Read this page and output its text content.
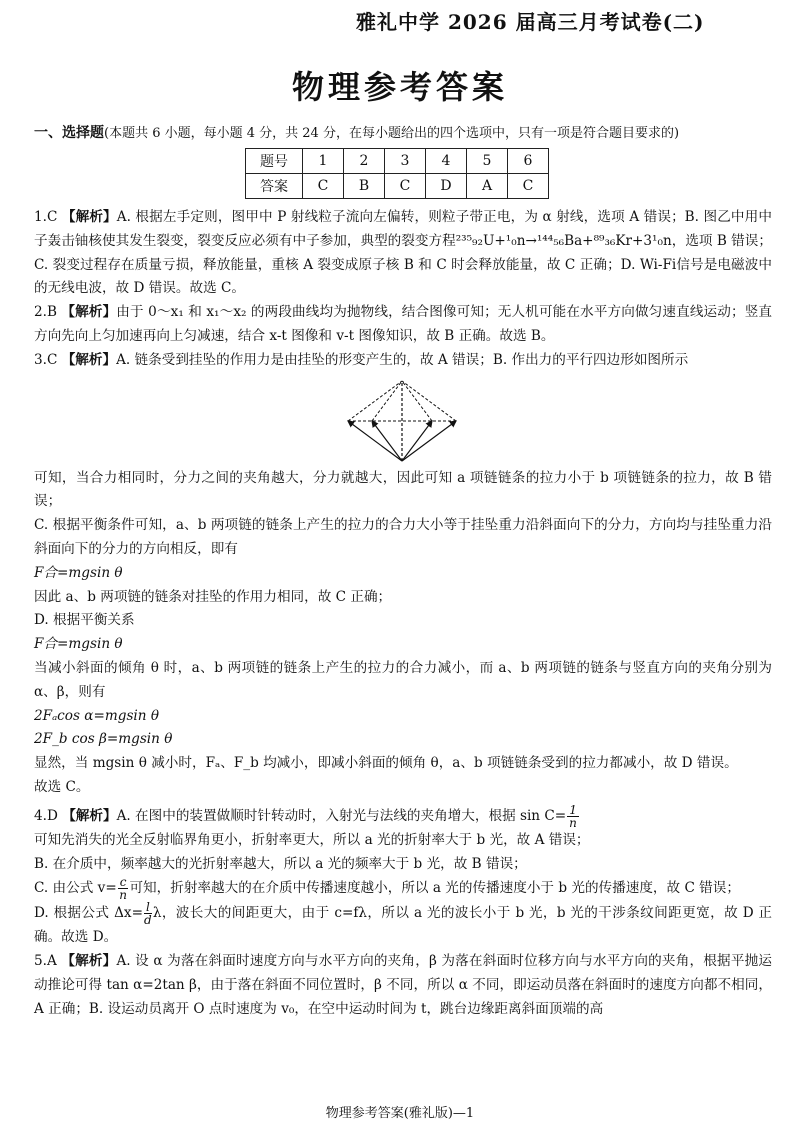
雅礼中学 2026 届高三月考试卷(二)
物理参考答案
一、选择题(本题共 6 小题，每小题 4 分，共 24 分，在每小题给出的四个选项中，只有一项是符合题目要求的)
题号	1	2	3	4	5	6
答案	C	B	C	D	A	C

1.C 【解析】A. 根据左手定则，图甲中 P 射线粒子流向左偏转，则粒子带正电，为 α 射线，选项 A 错误；B. 图乙中用中子轰击铀核使其发生裂变，裂变反应必须有中子参加，典型的裂变方程²³⁵₉₂U+¹₀n→¹⁴⁴₅₆Ba+⁸⁹₃₆Kr+3¹₀n，选项 B 错误；C. 裂变过程存在质量亏损，释放能量，重核 A 裂变成原子核 B 和 C 时会释放能量，故 C 正确；D. Wi-Fi信号是电磁波中的无线电波，故 D 错误。故选 C。

2.B 【解析】由于 0～x₁ 和 x₁～x₂ 的两段曲线均为抛物线，结合图像可知；无人机可能在水平方向做匀速直线运动；竖直方向先向上匀加速再向上匀减速，结合 x-t 图像和 v-t 图像知识，故 B 正确。故选 B。

3.C 【解析】A. 链条受到挂坠的作用力是由挂坠的形变产生的，故 A 错误；B. 作出力的平行四边形如图所示

可知，当合力相同时，分力之间的夹角越大，分力就越大，因此可知 a 项链链条的拉力小于 b 项链链条的拉力，故 B 错误；

C. 根据平衡条件可知，a、b 两项链的链条上产生的拉力的合力大小等于挂坠重力沿斜面向下的分力，方向均与挂坠重力沿斜面向下的分力的方向相反，即有

F合=mgsin θ

因此 a、b 两项链的链条对挂坠的作用力相同，故 C 正确；

D. 根据平衡关系

F合=mgsin θ

当减小斜面的倾角 θ 时，a、b 两项链的链条上产生的拉力的合力减小，而 a、b 两项链的链条与竖直方向的夹角分别为 α、β，则有

2Fₐcos α=mgsin θ

2F_b cos β=mgsin θ

显然，当 mgsin θ 减小时，Fₐ、F_b 均减小，即减小斜面的倾角 θ，a、b 项链链条受到的拉力都减小，故 D 错误。

故选 C。

4.D 【解析】A. 在图中的装置做顺时针转动时，入射光与法线的夹角增大，根据 $\sin C= \frac{1}{n}$

可知先消失的光全反射临界角更小，折射率更大，所以 a 光的折射率大于 b 光，故 A 错误；

B. 在介质中，频率越大的光折射率越大，所以 a 光的频率大于 b 光，故 B 错误；

C. 由公式 $v= \frac{c}{n}$ 可知，折射率越大的在介质中传播速度越小，所以 a 光的传播速度小于 b 光的传播速度，故 C 错误；

D. 根据公式 $\Delta x= \frac{l}{d}$ λ，波长大的间距更大，由于 c=fλ，所以 a 光的波长小于 b 光，b 光的干涉条纹间距更宽，故 D 正确。故选 D。

5.A 【解析】A. 设 α 为落在斜面时速度方向与水平方向的夹角，β 为落在斜面时位移方向与水平方向的夹角，根据平抛运动推论可得 tan α=2tan β，由于落在斜面不同位置时，β 不同，所以 α 不同，即运动员落在斜面时的速度方向都不相同，A 正确；B. 设运动员离开 O 点时速度为 v₀，在空中运动时间为 t，跳台边缘距离斜面顶端的高

物理参考答案(雅礼版)—1
